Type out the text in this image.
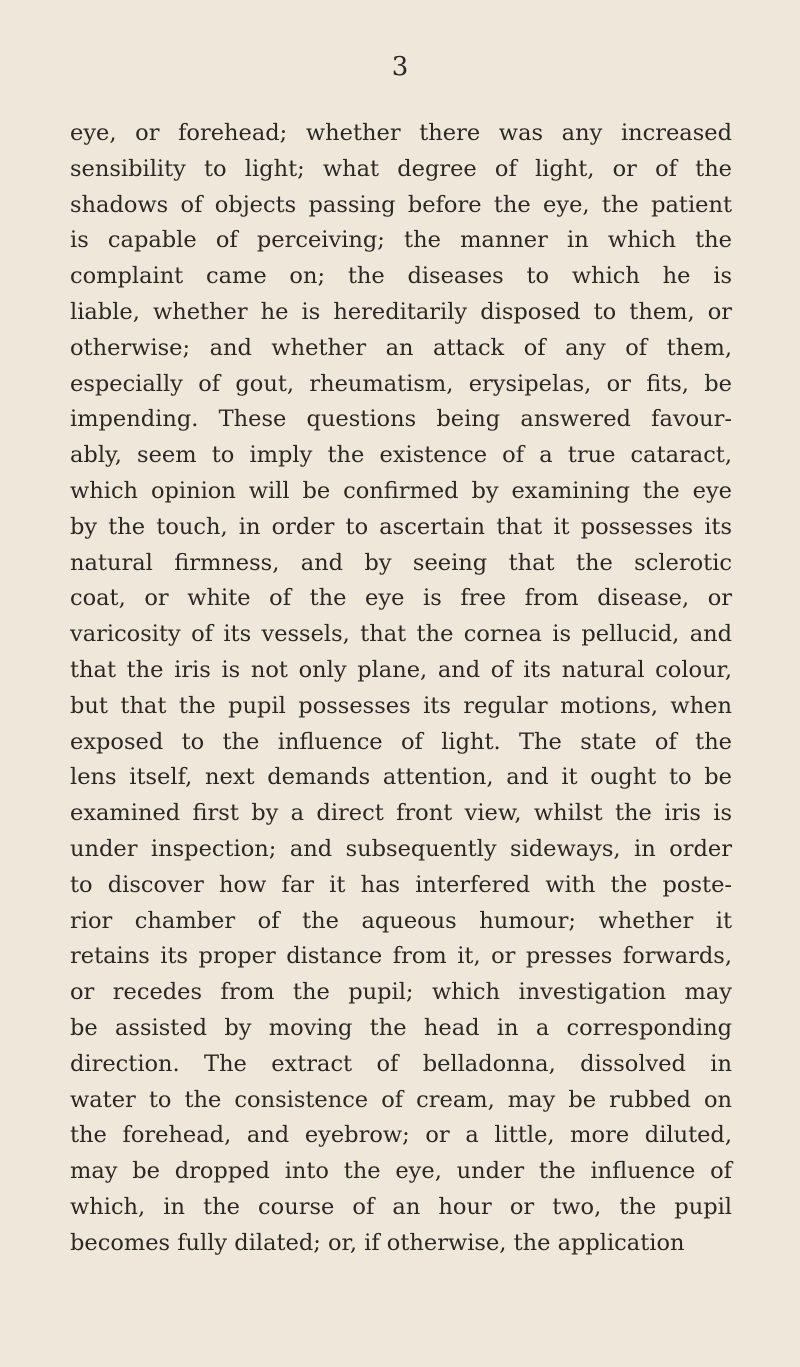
3
eye, or forehead; whether there was any increased
sensibility to light; what degree of light, or of the
shadows of objects passing before the eye, the patient
is capable of perceiving; the manner in which the
complaint came on; the diseases to which he is
liable, whether he is hereditarily disposed to them, or
otherwise; and whether an attack of any of them,
especially of gout, rheumatism, erysipelas, or fits, be
impending. These questions being answered favour-
ably, seem to imply the existence of a true cataract,
which opinion will be confirmed by examining the eye
by the touch, in order to ascertain that it possesses its
natural firmness, and by seeing that the sclerotic
coat, or white of the eye is free from disease, or
varicosity of its vessels, that the cornea is pellucid, and
that the iris is not only plane, and of its natural colour,
but that the pupil possesses its regular motions, when
exposed to the influence of light. The state of the
lens itself, next demands attention, and it ought to be
examined first by a direct front view, whilst the iris is
under inspection; and subsequently sideways, in order
to discover how far it has interfered with the poste-
rior chamber of the aqueous humour; whether it
retains its proper distance from it, or presses forwards,
or recedes from the pupil; which investigation may
be assisted by moving the head in a corresponding
direction. The extract of belladonna, dissolved in
water to the consistence of cream, may be rubbed on
the forehead, and eyebrow; or a little, more diluted,
may be dropped into the eye, under the influence of
which, in the course of an hour or two, the pupil
becomes fully dilated; or, if otherwise, the application
